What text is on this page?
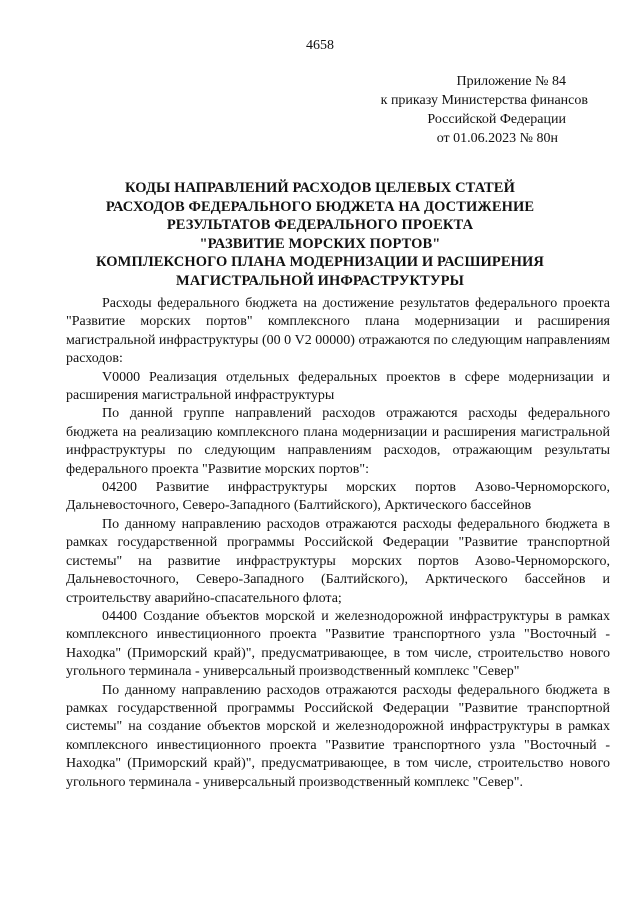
4658
Приложение № 84
к приказу Министерства финансов
Российской Федерации
от 01.06.2023 № 80н
КОДЫ НАПРАВЛЕНИЙ РАСХОДОВ ЦЕЛЕВЫХ СТАТЕЙ
РАСХОДОВ ФЕДЕРАЛЬНОГО БЮДЖЕТА НА ДОСТИЖЕНИЕ
РЕЗУЛЬТАТОВ ФЕДЕРАЛЬНОГО ПРОЕКТА
"РАЗВИТИЕ МОРСКИХ ПОРТОВ"
КОМПЛЕКСНОГО ПЛАНА МОДЕРНИЗАЦИИ И РАСШИРЕНИЯ
МАГИСТРАЛЬНОЙ ИНФРАСТРУКТУРЫ

Расходы федерального бюджета на достижение результатов федерального проекта "Развитие морских портов" комплексного плана модернизации и расширения магистральной инфраструктуры (00 0 V2 00000) отражаются по следующим направлениям расходов:

V0000 Реализация отдельных федеральных проектов в сфере модернизации и расширения магистральной инфраструктуры

По данной группе направлений расходов отражаются расходы федерального бюджета на реализацию комплексного плана модернизации и расширения магистральной инфраструктуры по следующим направлениям расходов, отражающим результаты федерального проекта "Развитие морских портов":

04200 Развитие инфраструктуры морских портов Азово-Черноморского, Дальневосточного, Северо-Западного (Балтийского), Арктического бассейнов

По данному направлению расходов отражаются расходы федерального бюджета в рамках государственной программы Российской Федерации "Развитие транспортной системы" на развитие инфраструктуры морских портов Азово-Черноморского, Дальневосточного, Северо-Западного (Балтийского), Арктического бассейнов и строительству аварийно-спасательного флота;

04400 Создание объектов морской и железнодорожной инфраструктуры в рамках комплексного инвестиционного проекта "Развитие транспортного узла "Восточный - Находка" (Приморский край)", предусматривающее, в том числе, строительство нового угольного терминала - универсальный производственный комплекс "Север"

По данному направлению расходов отражаются расходы федерального бюджета в рамках государственной программы Российской Федерации "Развитие транспортной системы" на создание объектов морской и железнодорожной инфраструктуры в рамках комплексного инвестиционного проекта "Развитие транспортного узла "Восточный - Находка" (Приморский край)", предусматривающее, в том числе, строительство нового угольного терминала - универсальный производственный комплекс "Север".
